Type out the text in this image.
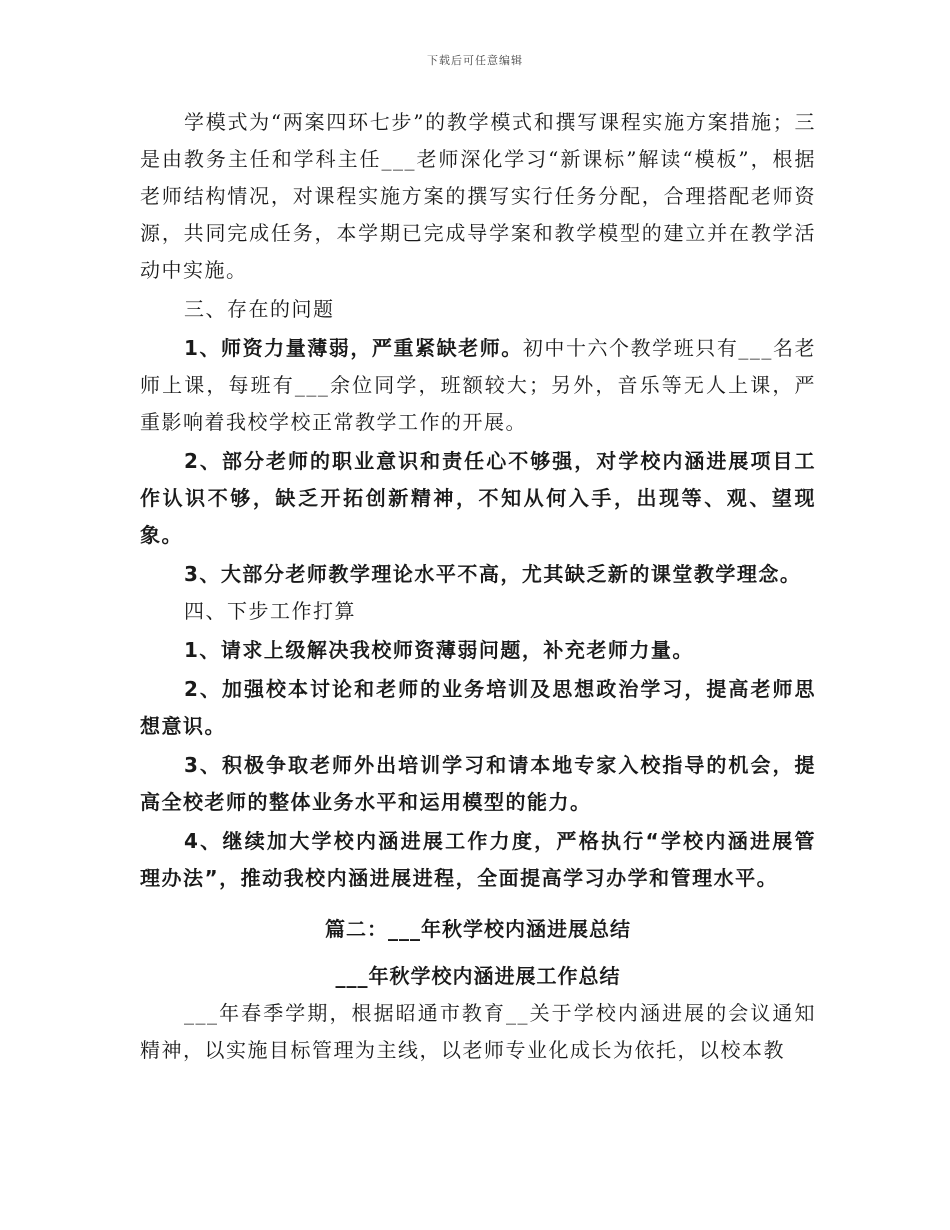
下载后可任意编辑

学模式为“两案四环七步”的教学模式和撰写课程实施方案措施；三是由教务主任和学科主任___老师深化学习“新课标”解读“模板”，根据老师结构情况，对课程实施方案的撰写实行任务分配，合理搭配老师资源，共同完成任务，本学期已完成导学案和教学模型的建立并在教学活动中实施。

三、存在的问题

1、师资力量薄弱，严重紧缺老师。初中十六个教学班只有___名老师上课，每班有___余位同学，班额较大；另外，音乐等无人上课，严重影响着我校学校正常教学工作的开展。

2、部分老师的职业意识和责任心不够强，对学校内涵进展项目工作认识不够，缺乏开拓创新精神，不知从何入手，出现等、观、望现象。

3、大部分老师教学理论水平不高，尤其缺乏新的课堂教学理念。

四、下步工作打算

1、请求上级解决我校师资薄弱问题，补充老师力量。

2、加强校本讨论和老师的业务培训及思想政治学习，提高老师思想意识。

3、积极争取老师外出培训学习和请本地专家入校指导的机会，提高全校老师的整体业务水平和运用模型的能力。

4、继续加大学校内涵进展工作力度，严格执行“学校内涵进展管理办法”，推动我校内涵进展进程，全面提高学习办学和管理水平。

篇二：___年秋学校内涵进展总结

___年秋学校内涵进展工作总结

___年春季学期，根据昭通市教育__关于学校内涵进展的会议通知精神，以实施目标管理为主线，以老师专业化成长为依托，以校本教
